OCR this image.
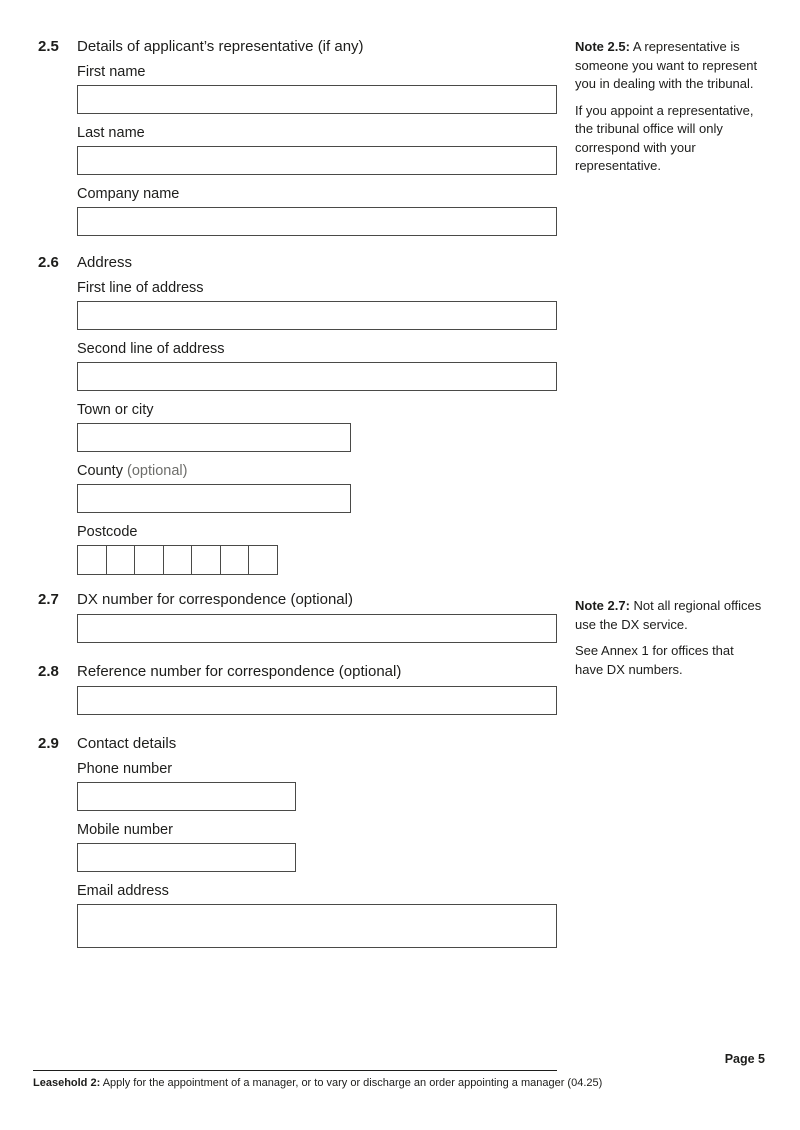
2.5	Details of applicant’s representative (if any)
First name
Last name
Company name
2.6	Address
First line of address
Second line of address
Town or city
County (optional)
Postcode
2.7	DX number for correspondence (optional)
2.8	Reference number for correspondence (optional)
2.9	Contact details
Phone number
Mobile number
Email address

Note 2.5: A representative is someone you want to represent you in dealing with the tribunal.

If you appoint a representative, the tribunal office will only correspond with your representative.

Note 2.7: Not all regional offices use the DX service.

See Annex 1 for offices that have DX numbers.

Page 5
Leasehold 2: Apply for the appointment of a manager, or to vary or discharge an order appointing a manager (04.25)
